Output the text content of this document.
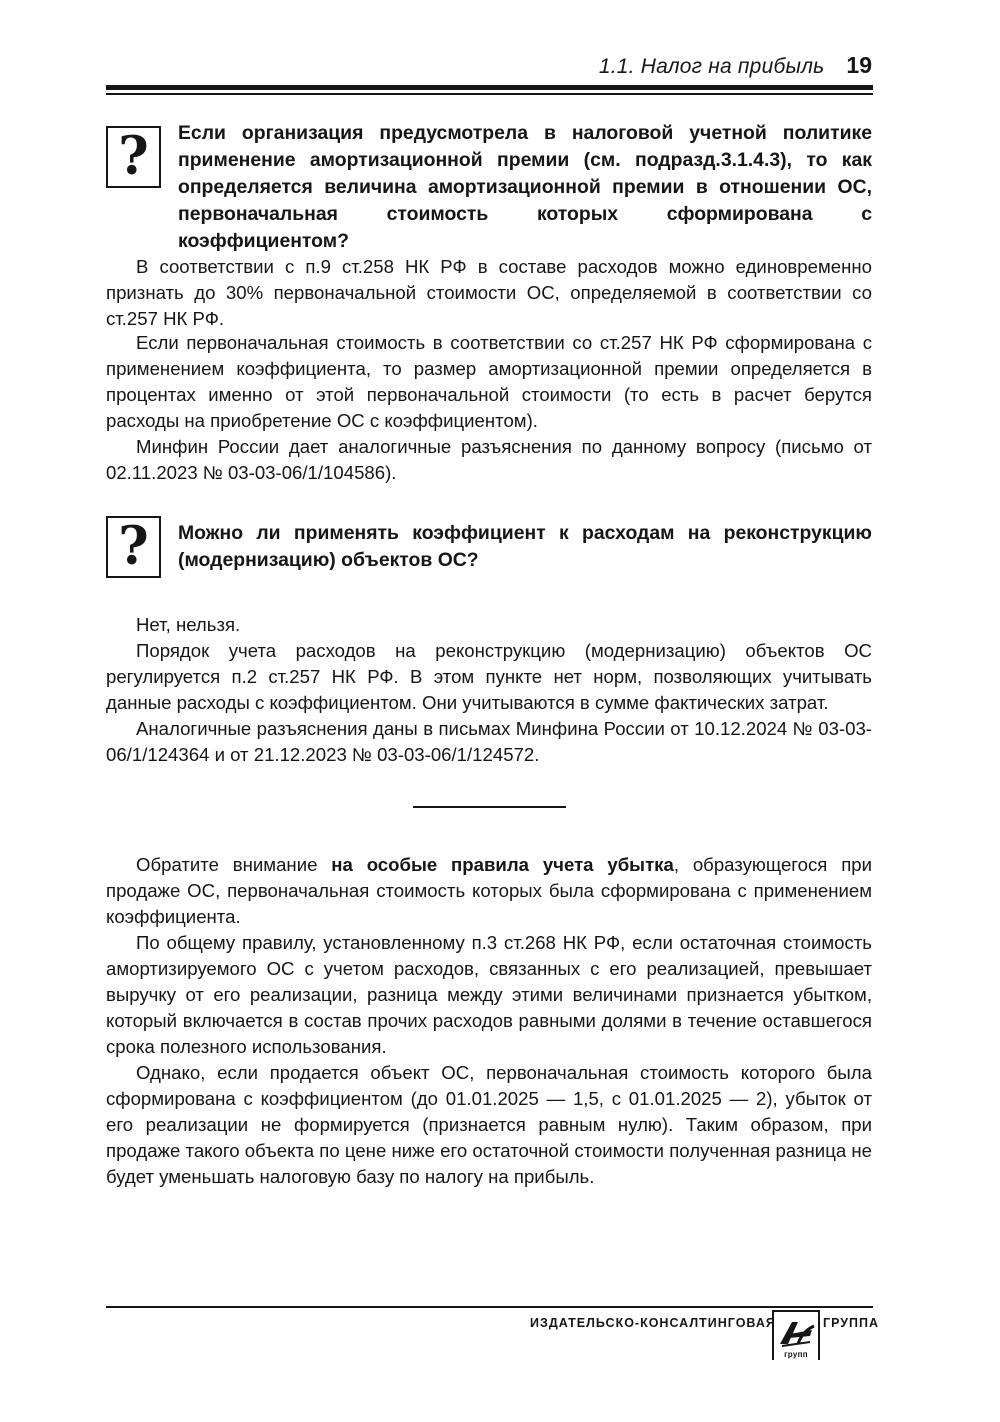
1.1. Налог на прибыль 19
?	Если организация предусмотрела в налоговой учетной политике применение амортизационной премии (см. подразд.3.1.4.3), то как определяется величина амортизационной премии в отношении ОС, первоначальная стоимость которых сформирована с коэффициентом?

В соответствии с п.9 ст.258 НК РФ в составе расходов можно единовременно признать до 30% первоначальной стоимости ОС, определяемой в соответствии со ст.257 НК РФ.

Если первоначальная стоимость в соответствии со ст.257 НК РФ сформирована с применением коэффициента, то размер амортизационной премии определяется в процентах именно от этой первоначальной стоимости (то есть в расчет берутся расходы на приобретение ОС с коэффициентом).

Минфин России дает аналогичные разъяснения по данному вопросу (письмо от 02.11.2023 № 03-03-06/1/104586).

?	Можно ли применять коэффициент к расходам на реконструкцию (модернизацию) объектов ОС?

Нет, нельзя.

Порядок учета расходов на реконструкцию (модернизацию) объектов ОС регулируется п.2 ст.257 НК РФ. В этом пункте нет норм, позволяющих учитывать данные расходы с коэффициентом. Они учитываются в сумме фактических затрат.

Аналогичные разъяснения даны в письмах Минфина России от 10.12.2024 № 03-03-06/1/124364 и от 21.12.2023 № 03-03-06/1/124572.

Обратите внимание на особые правила учета убытка, образующегося при продаже ОС, первоначальная стоимость которых была сформирована с применением коэффициента.

По общему правилу, установленному п.3 ст.268 НК РФ, если остаточная стоимость амортизируемого ОС с учетом расходов, связанных с его реализацией, превышает выручку от его реализации, разница между этими величинами признается убытком, который включается в состав прочих расходов равными долями в течение оставшегося срока полезного использования.

Однако, если продается объект ОС, первоначальная стоимость которого была сформирована с коэффициентом (до 01.01.2025 — 1,5, с 01.01.2025 — 2), убыток от его реализации не формируется (признается равным нулю). Таким образом, при продаже такого объекта по цене ниже его остаточной стоимости полученная разница не будет уменьшать налоговую базу по налогу на прибыль.

ИЗДАТЕЛЬСКО-КОНСАЛТИНГОВАЯ
групп
ГРУППА
